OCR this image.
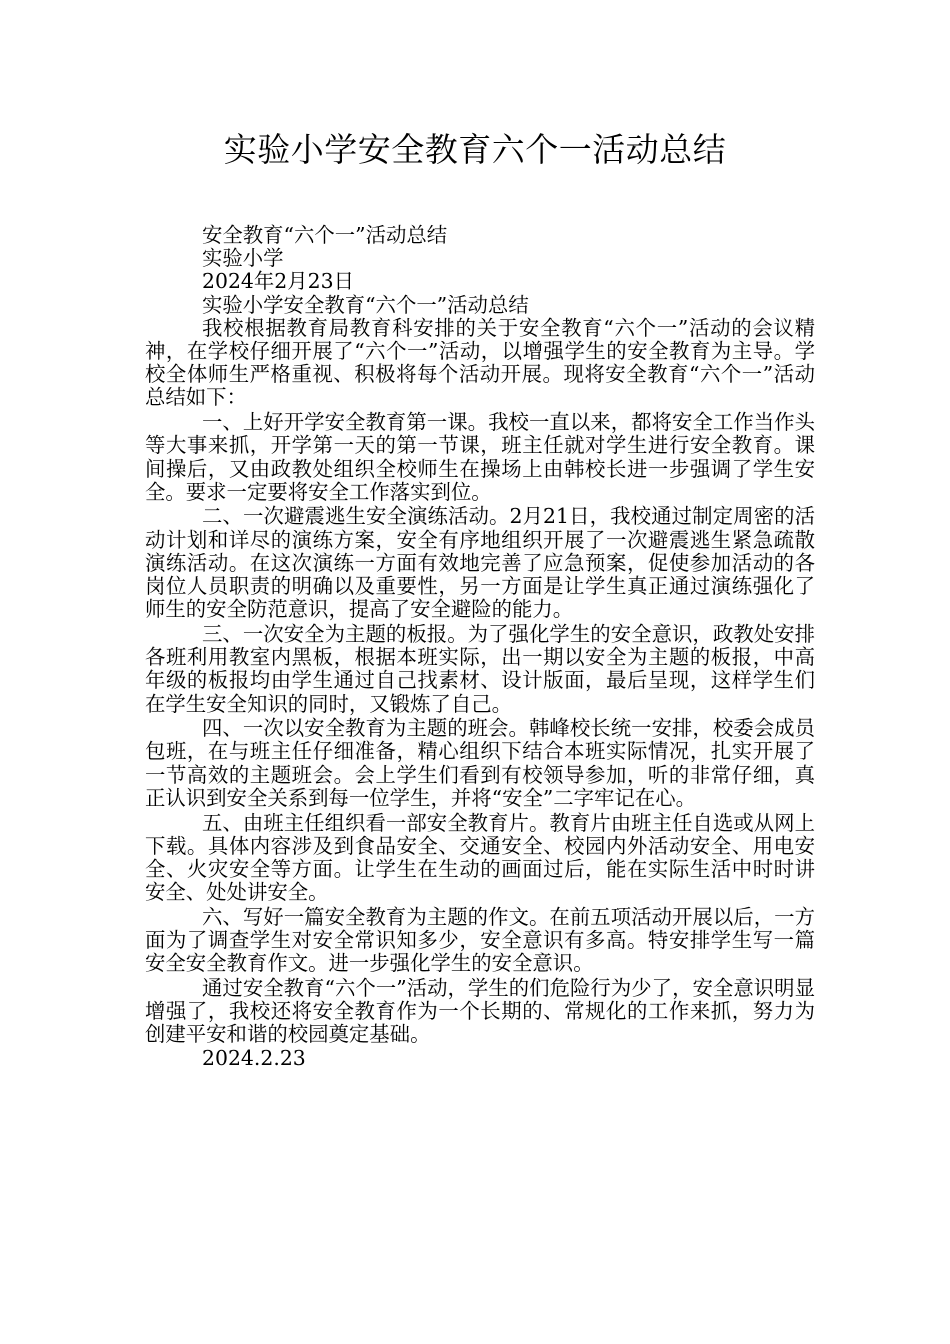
实验小学安全教育六个一活动总结

安全教育“六个一”活动总结

实验小学

2024年2月23日

实验小学安全教育“六个一”活动总结

我校根据教育局教育科安排的关于安全教育“六个一”活动的会议精神，在学校仔细开展了“六个一”活动，以增强学生的安全教育为主导。学校全体师生严格重视、积极将每个活动开展。现将安全教育“六个一”活动总结如下：

一、上好开学安全教育第一课。我校一直以来，都将安全工作当作头等大事来抓，开学第一天的第一节课，班主任就对学生进行安全教育。课间操后，又由政教处组织全校师生在操场上由韩校长进一步强调了学生安全。要求一定要将安全工作落实到位。

二、一次避震逃生安全演练活动。2月21日，我校通过制定周密的活动计划和详尽的演练方案，安全有序地组织开展了一次避震逃生紧急疏散演练活动。在这次演练一方面有效地完善了应急预案，促使参加活动的各岗位人员职责的明确以及重要性，另一方面是让学生真正通过演练强化了师生的安全防范意识，提高了安全避险的能力。

三、一次安全为主题的板报。为了强化学生的安全意识，政教处安排各班利用教室内黑板，根据本班实际，出一期以安全为主题的板报，中高年级的板报均由学生通过自己找素材、设计版面，最后呈现，这样学生们在学生安全知识的同时，又锻炼了自己。

四、一次以安全教育为主题的班会。韩峰校长统一安排，校委会成员包班，在与班主任仔细准备，精心组织下结合本班实际情况，扎实开展了一节高效的主题班会。会上学生们看到有校领导参加，听的非常仔细，真正认识到安全关系到每一位学生，并将“安全”二字牢记在心。

五、由班主任组织看一部安全教育片。教育片由班主任自选或从网上下载。具体内容涉及到食品安全、交通安全、校园内外活动安全、用电安全、火灾安全等方面。让学生在生动的画面过后，能在实际生活中时时讲安全、处处讲安全。

六、写好一篇安全教育为主题的作文。在前五项活动开展以后，一方面为了调查学生对安全常识知多少，安全意识有多高。特安排学生写一篇安全安全教育作文。进一步强化学生的安全意识。

通过安全教育“六个一”活动，学生的们危险行为少了，安全意识明显增强了，我校还将安全教育作为一个长期的、常规化的工作来抓，努力为创建平安和谐的校园奠定基础。

2024.2.23
